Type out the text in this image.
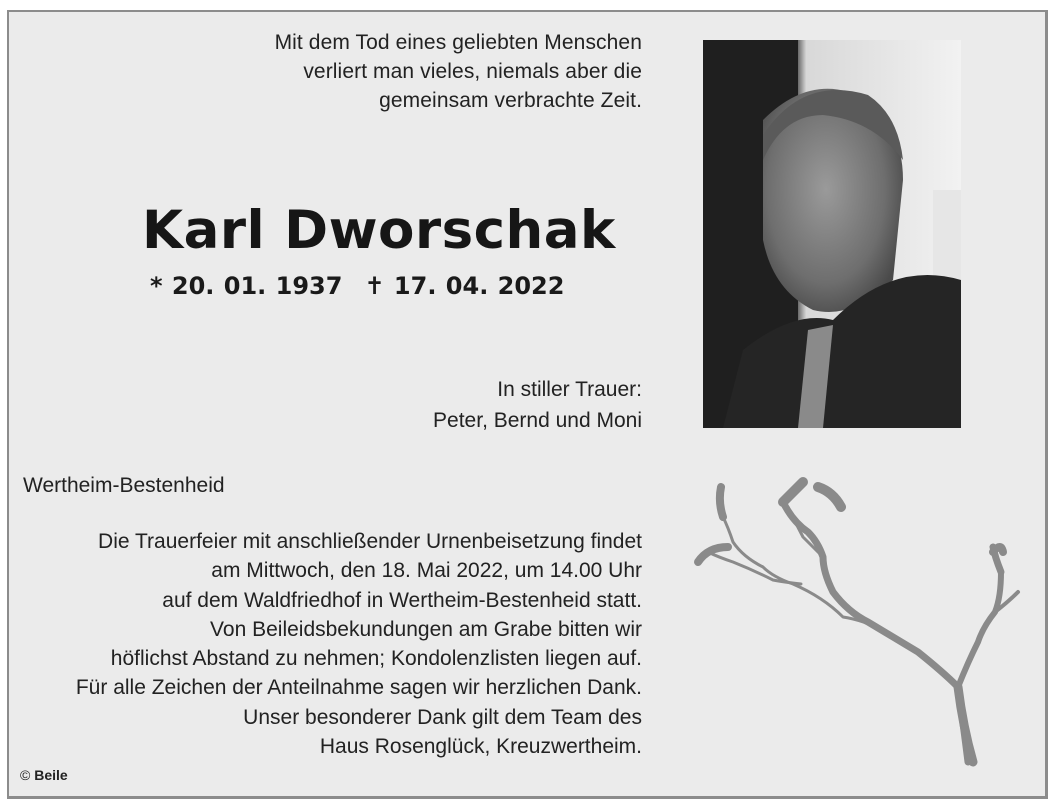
Mit dem Tod eines geliebten Menschen
verliert man vieles, niemals aber die
gemeinsam verbrachte Zeit.
Karl Dworschak
* 20. 01. 1937 ✝ 17. 04. 2022
In stiller Trauer:
Peter, Bernd und Moni
Wertheim-Bestenheid
Die Trauerfeier mit anschließender Urnenbeisetzung findet
am Mittwoch, den 18. Mai 2022, um 14.00 Uhr
auf dem Waldfriedhof in Wertheim-Bestenheid statt.
Von Beileidsbekundungen am Grabe bitten wir
höflichst Abstand zu nehmen; Kondolenzlisten liegen auf.
Für alle Zeichen der Anteilnahme sagen wir herzlichen Dank.
Unser besonderer Dank gilt dem Team des
Haus Rosenglück, Kreuzwertheim.
© Beile
